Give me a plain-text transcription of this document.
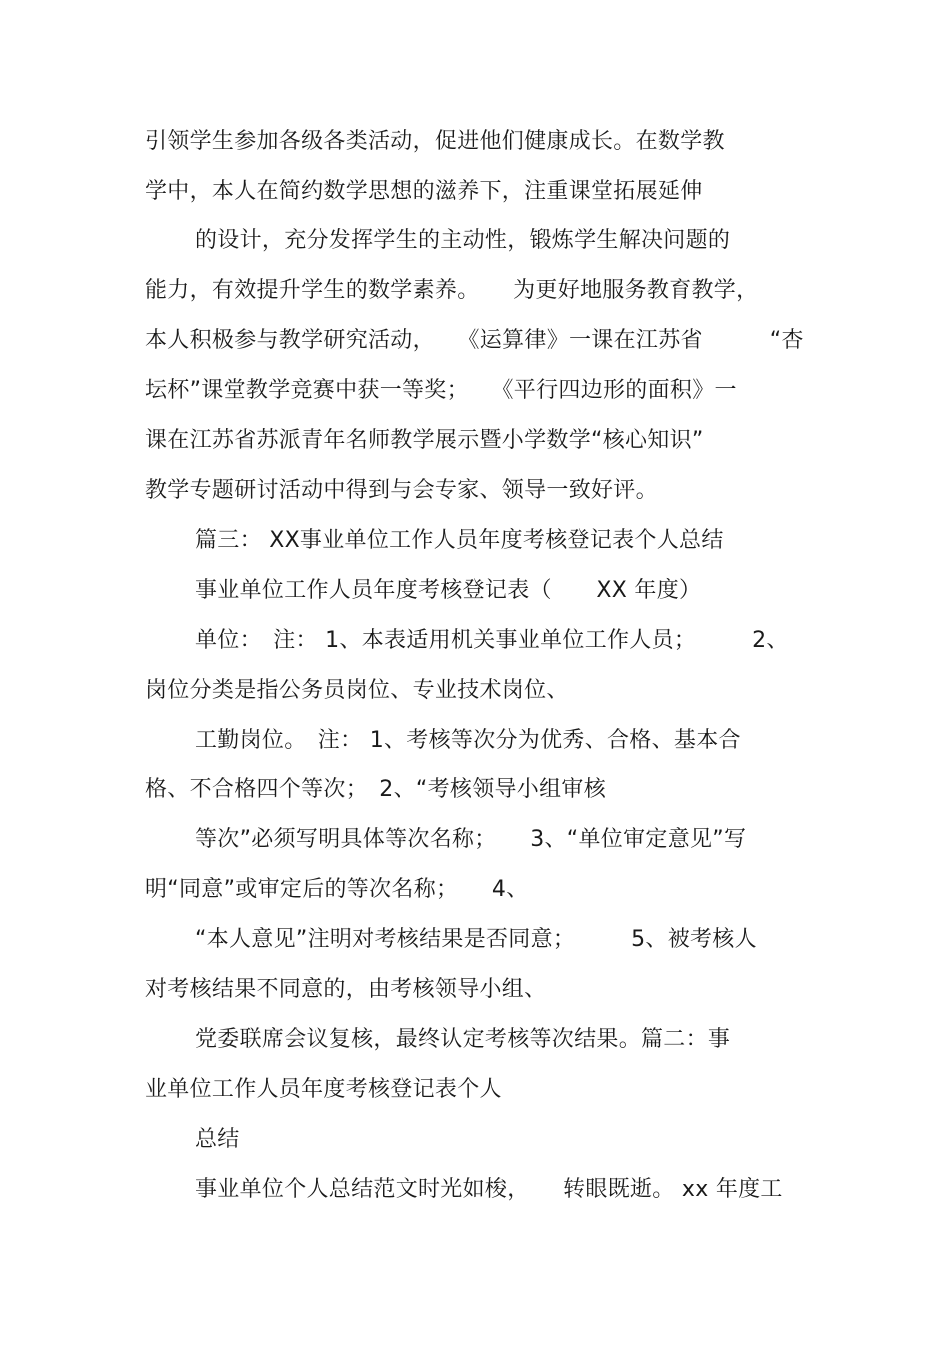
引领学生参加各级各类活动，促进他们健康成长。在数学教
学中，本人在简约数学思想的滋养下，注重课堂拓展延伸
的设计，充分发挥学生的主动性，锻炼学生解决问题的
能力，有效提升学生的数学素养。　　为更好地服务教育教学，
本人积极参与教学研究活动，　　《运算律》一课在江苏省　　　“杏
坛杯”课堂教学竞赛中获一等奖；　　《平行四边形的面积》一
课在江苏省苏派青年名师教学展示暨小学数学“核心知识”
教学专题研讨活动中得到与会专家、领导一致好评。
篇三： XX事业单位工作人员年度考核登记表个人总结
事业单位工作人员年度考核登记表（　　XX 年度）
单位：　注： 1、本表适用机关事业单位工作人员；　　　2、
岗位分类是指公务员岗位、专业技术岗位、
工勤岗位。　注： 1、考核等次分为优秀、合格、基本合
格、不合格四个等次；　2、“考核领导小组审核
等次”必须写明具体等次名称；　　3、“单位审定意见”写
明“同意”或审定后的等次名称；　　4、
“本人意见”注明对考核结果是否同意；　　　5、被考核人
对考核结果不同意的，由考核领导小组、
党委联席会议复核，最终认定考核等次结果。篇二：事
业单位工作人员年度考核登记表个人
总结
事业单位个人总结范文时光如梭，　　转眼既逝。 xx 年度工
